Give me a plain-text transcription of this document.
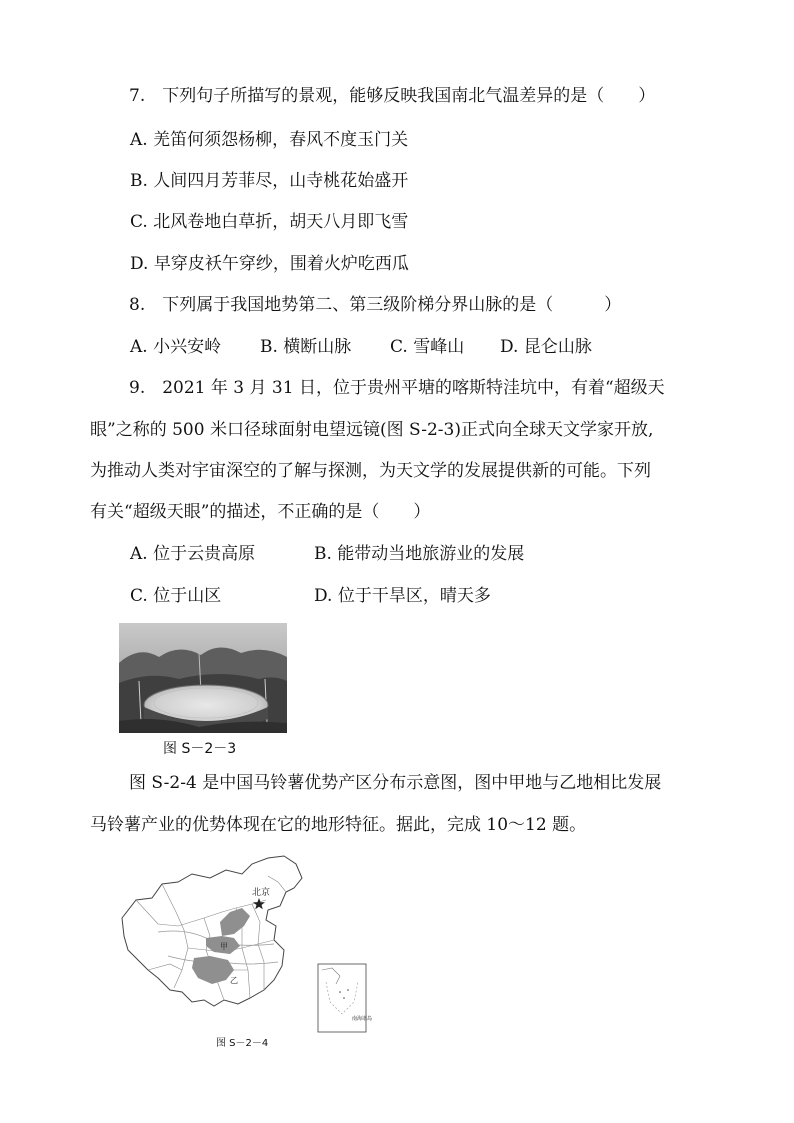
7.　下列句子所描写的景观，能够反映我国南北气温差异的是（　　）
A. 羌笛何须怨杨柳，春风不度玉门关
B. 人间四月芳菲尽，山寺桃花始盛开
C. 北风卷地白草折，胡天八月即飞雪
D. 早穿皮袄午穿纱，围着火炉吃西瓜
8.　下列属于我国地势第二、第三级阶梯分界山脉的是（　　　）
A. 小兴安岭 B. 横断山脉 C. 雪峰山 D. 昆仑山脉
9.　2021 年 3 月 31 日，位于贵州平塘的喀斯特洼坑中，有着“超级天
眼”之称的 500 米口径球面射电望远镜(图 S-2-3)正式向全球天文学家开放,
为推动人类对宇宙深空的了解与探测，为天文学的发展提供新的可能。下列
有关“超级天眼”的描述，不正确的是（　　）
A. 位于云贵高原	B. 能带动当地旅游业的发展
C. 位于山区	D. 位于干旱区，晴天多
图 S－2－3
图 S-2-4 是中国马铃薯优势产区分布示意图，图中甲地与乙地相比发展
马铃薯产业的优势体现在它的地形特征。据此，完成 10～12 题。
北京
甲
乙
南海诸岛
图 S－2－4
